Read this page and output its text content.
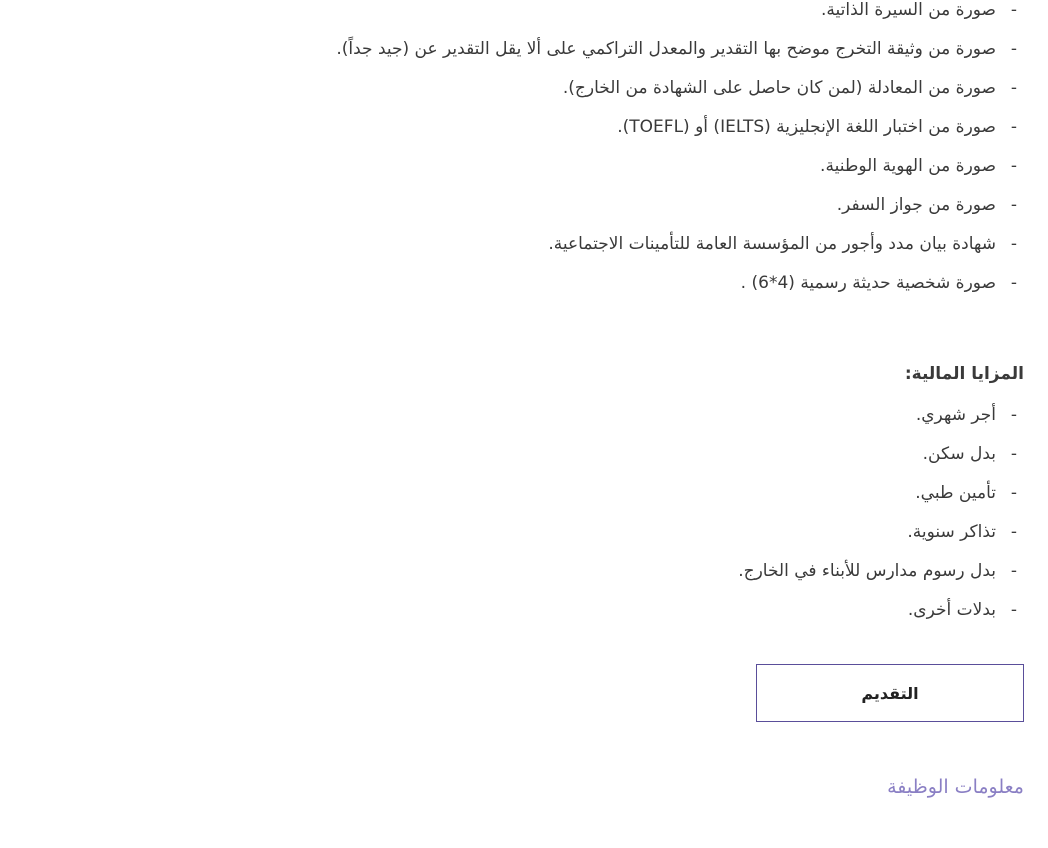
-
صورة من السيرة الذاتية.
-
صورة من وثيقة التخرج موضح بها التقدير والمعدل التراكمي على ألا يقل التقدير عن (جيد جداً).
-
صورة من المعادلة (لمن كان حاصل على الشهادة من الخارج).
-
صورة من اختبار اللغة الإنجليزية (IELTS) أو (TOEFL).
-
صورة من الهوية الوطنية.
-
صورة من جواز السفر.
-
شهادة بيان مدد وأجور من المؤسسة العامة للتأمينات الاجتماعية.
-
صورة شخصية حديثة رسمية (4*6) .
المزايا المالية:
-
أجر شهري.
-
بدل سكن.
-
تأمين طبي.
-
تذاكر سنوية.
-
بدل رسوم مدارس للأبناء في الخارج.
-
بدلات أخرى.
التقديم
معلومات الوظيفة
